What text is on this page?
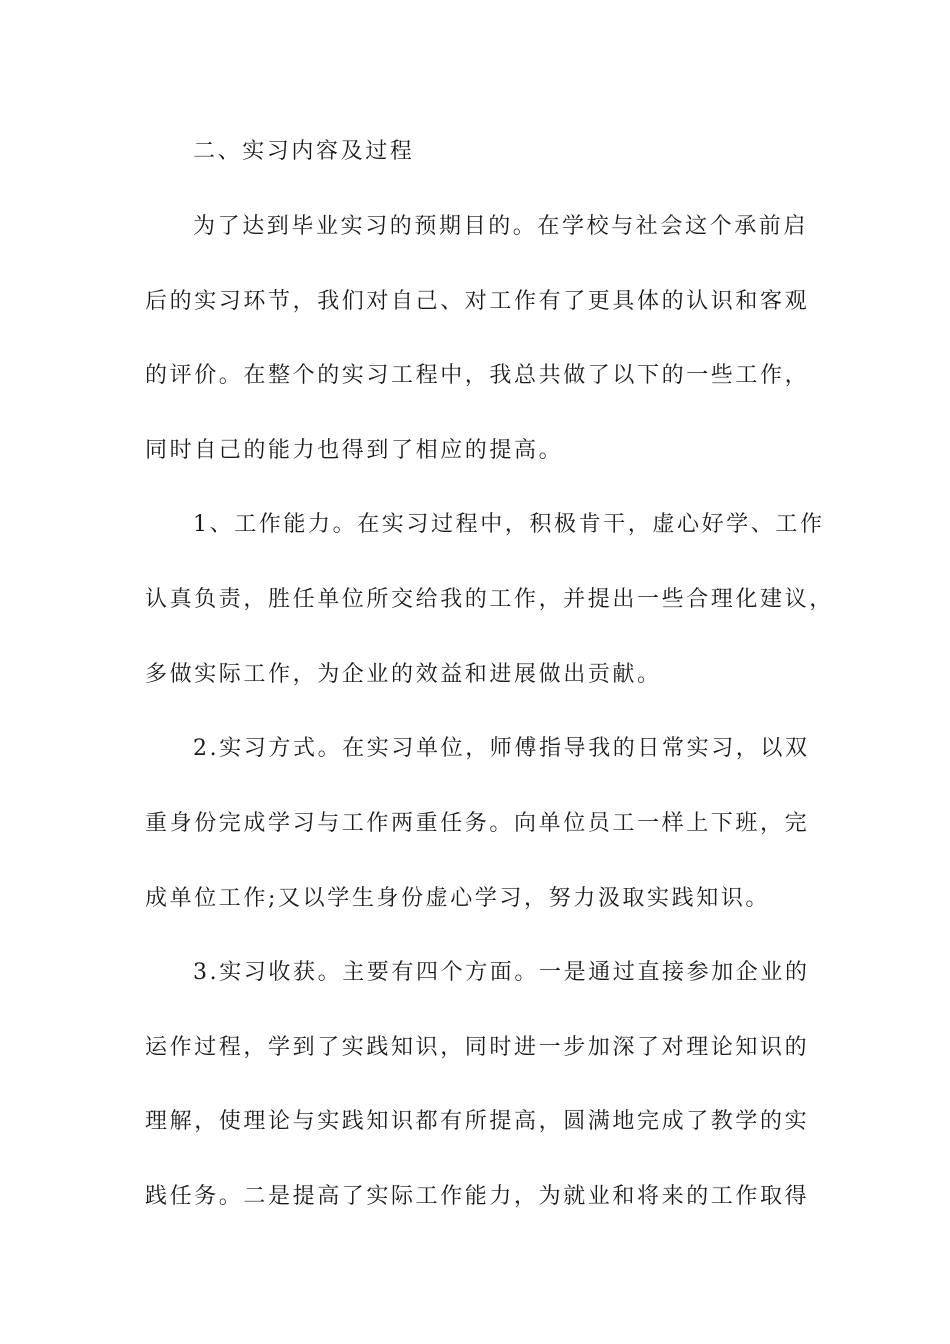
二、实习内容及过程
为了达到毕业实习的预期目的。在学校与社会这个承前启
后的实习环节，我们对自己、对工作有了更具体的认识和客观
的评价。在整个的实习工程中，我总共做了以下的一些工作，
同时自己的能力也得到了相应的提高。
1、工作能力。在实习过程中，积极肯干，虚心好学、工作
认真负责，胜任单位所交给我的工作，并提出一些合理化建议，
多做实际工作，为企业的效益和进展做出贡献。
2.实习方式。在实习单位，师傅指导我的日常实习，以双
重身份完成学习与工作两重任务。向单位员工一样上下班，完
成单位工作;又以学生身份虚心学习，努力汲取实践知识。
3.实习收获。主要有四个方面。一是通过直接参加企业的
运作过程，学到了实践知识，同时进一步加深了对理论知识的
理解，使理论与实践知识都有所提高，圆满地完成了教学的实
践任务。二是提高了实际工作能力，为就业和将来的工作取得
